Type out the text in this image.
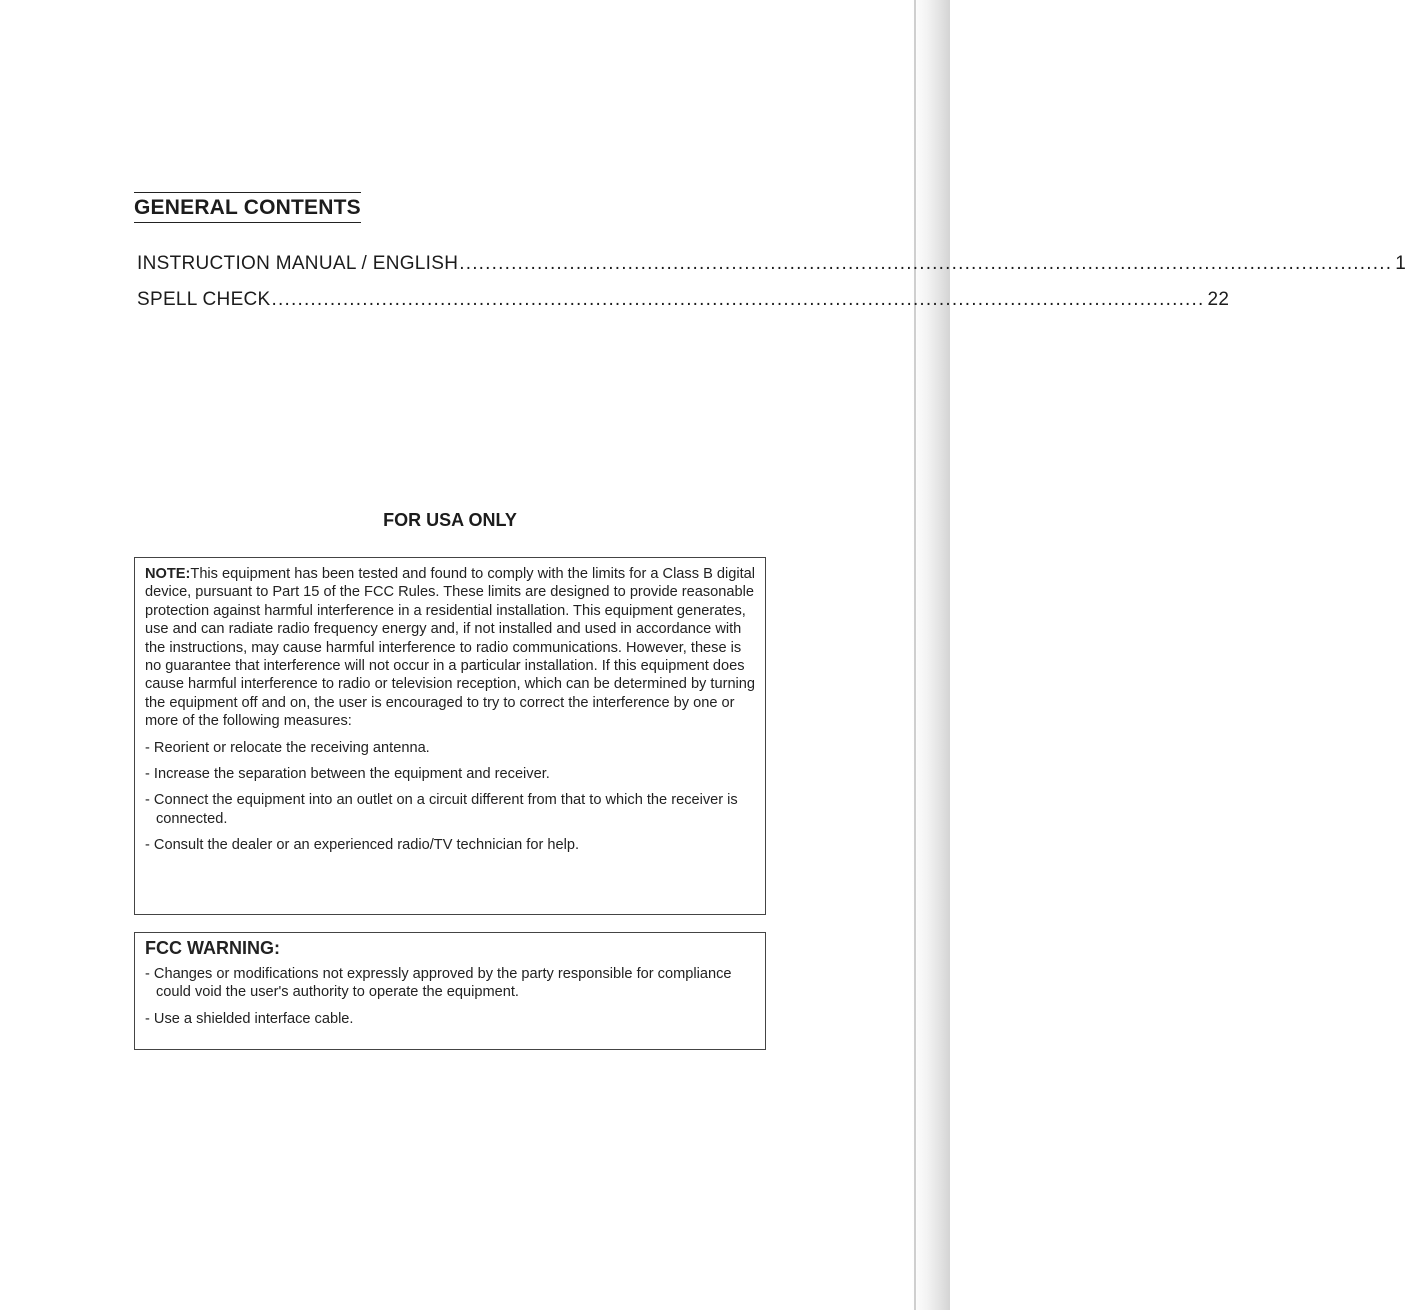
GENERAL CONTENTS
INSTRUCTION MANUAL / ENGLISH ................................................................................................................................................ 1
SPELL CHECK ................................................................................................................................................ 22
FOR USA ONLY
NOTE:This equipment has been tested and found to comply with the limits for a Class B digital device, pursuant to Part 15 of the FCC Rules. These limits are designed to provide reasonable protection against harmful interference in a residential installation. This equipment generates, use and can radiate radio frequency energy and, if not installed and used in accordance with the instructions, may cause harmful interference to radio communications. However, these is no guarantee that interference will not occur in a particular installation. If this equipment does cause harmful interference to radio or television reception, which can be determined by turning the equipment off and on, the user is encouraged to try to correct the interference by one or more of the following measures:
- Reorient or relocate the receiving antenna.
- Increase the separation between the equipment and receiver.
- Connect the equipment into an outlet on a circuit different from that to which the receiver is connected.
- Consult the dealer or an experienced radio/TV technician for help.
FCC WARNING:
- Changes or modifications not expressly approved by the party responsible for compliance could void the user's authority to operate the equipment.
- Use a shielded interface cable.
